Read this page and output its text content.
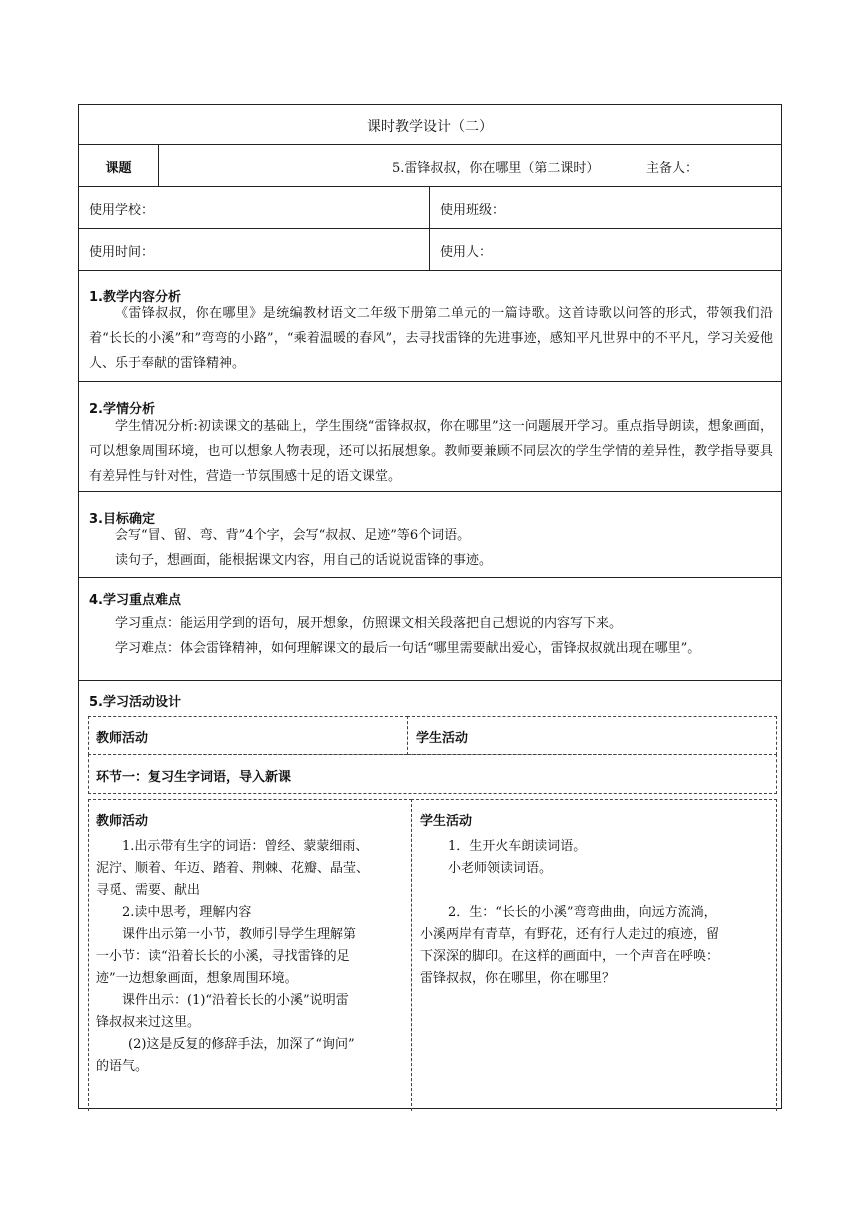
课时教学设计（二）
课题	5.雷锋叔叔，你在哪里（第二课时）	主备人：
使用学校：	使用班级：
使用时间：	使用人：
1.教学内容分析
《雷锋叔叔，你在哪里》是统编教材语文二年级下册第二单元的一篇诗歌。这首诗歌以问答的形式，带领我们沿着“长长的小溪”和”弯弯的小路”，“乘着温暖的春风”，去寻找雷锋的先进事迹，感知平凡世界中的不平凡，学习关爱他人、乐于奉献的雷锋精神。
2.学情分析
学生情况分析:初读课文的基础上，学生围绕“雷锋叔叔，你在哪里”这一问题展开学习。重点指导朗读，想象画面，可以想象周围环境，也可以想象人物表现，还可以拓展想象。教师要兼顾不同层次的学生学情的差异性，教学指导要具有差异性与针对性，营造一节氛围感十足的语文课堂。
3.目标确定
会写“冒、留、弯、背”4个字，会写“叔叔、足迹”等6个词语。
读句子，想画面，能根据课文内容，用自己的话说说雷锋的事迹。
4.学习重点难点
学习重点：能运用学到的语句，展开想象，仿照课文相关段落把自己想说的内容写下来。
学习难点：体会雷锋精神，如何理解课文的最后一句话“哪里需要献出爱心，雷锋叔叔就出现在哪里”。
5.学习活动设计
教师活动	学生活动
环节一：复习生字词语，导入新课
教师活动
1.出示带有生字的词语：曾经、蒙蒙细雨、
泥泞、顺着、年迈、踏着、荆棘、花瓣、晶莹、
寻觅、需要、献出
2.读中思考，理解内容
课件出示第一小节，教师引导学生理解第
一小节：读“沿着长长的小溪，寻找雷锋的足
迹”一边想象画面，想象周围环境。
课件出示：(1)“沿着长长的小溪”说明雷
锋叔叔来过这里。
(2)这是反复的修辞手法，加深了“询问”
的语气。
学生活动
1．生开火车朗读词语。
小老师领读词语。
2．生：“长长的小溪”弯弯曲曲，向远方流淌，
小溪两岸有青草，有野花，还有行人走过的痕迹，留
下深深的脚印。在这样的画面中，一个声音在呼唤：
雷锋叔叔，你在哪里，你在哪里？
